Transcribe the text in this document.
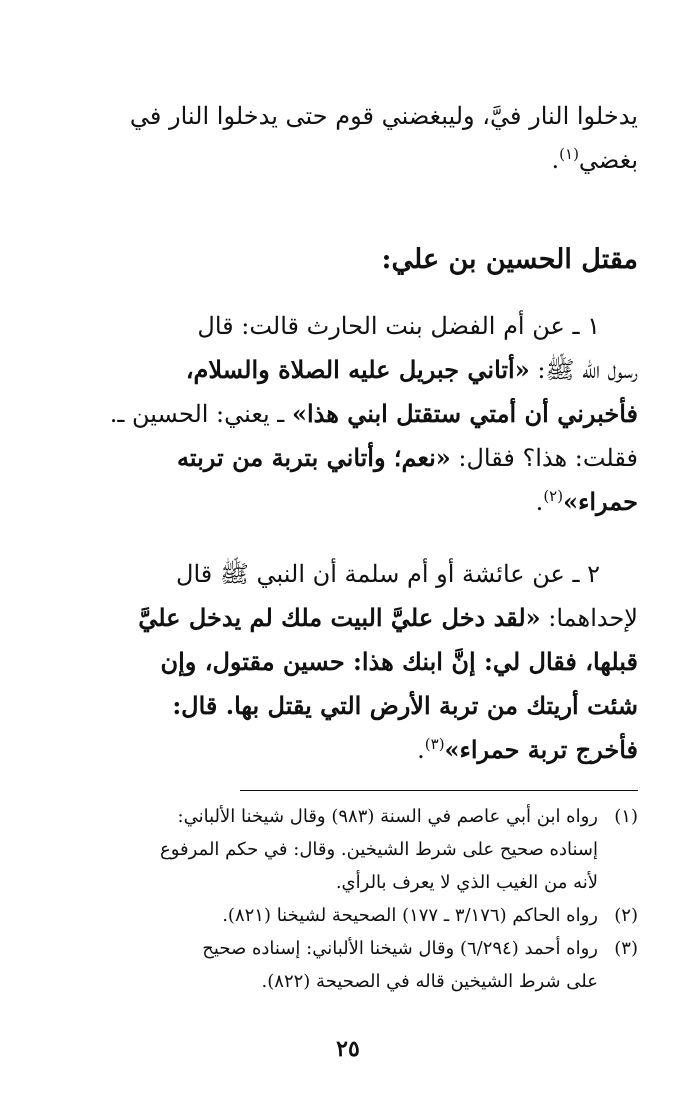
يدخلوا النار فيَّ، وليبغضني قوم حتى يدخلوا النار في
بغضي$^{(١)}$.
مقتل الحسين بن علي:
١ ـ عن أم الفضل بنت الحارث قالت: قال
رسول الله ﷺ: «أتاني جبريل عليه الصلاة والسلام،
فأخبرني أن أمتي ستقتل ابني هذا» ـ يعني: الحسين ـ.
فقلت: هذا؟ فقال: «نعم؛ وأتاني بتربة من تربته
حمراء»$^{(٢)}$.
٢ ـ عن عائشة أو أم سلمة أن النبي ﷺ قال
لإحداهما: «لقد دخل عليَّ البيت ملك لم يدخل عليَّ
قبلها، فقال لي: إنَّ ابنك هذا: حسين مقتول، وإن
شئت أريتك من تربة الأرض التي يقتل بها. قال:
فأخرج تربة حمراء»$^{(٣)}$.
(١)
رواه ابن أبي عاصم في السنة (٩٨٣) وقال شيخنا الألباني:
إسناده صحيح على شرط الشيخين. وقال: في حكم المرفوع
لأنه من الغيب الذي لا يعرف بالرأي.
(٢)
رواه الحاكم (٣/١٧٦ ـ ١٧٧) الصحيحة لشيخنا (٨٢١).
(٣)
رواه أحمد (٦/٢٩٤) وقال شيخنا الألباني: إسناده صحيح
على شرط الشيخين قاله في الصحيحة (٨٢٢).
٢٥
